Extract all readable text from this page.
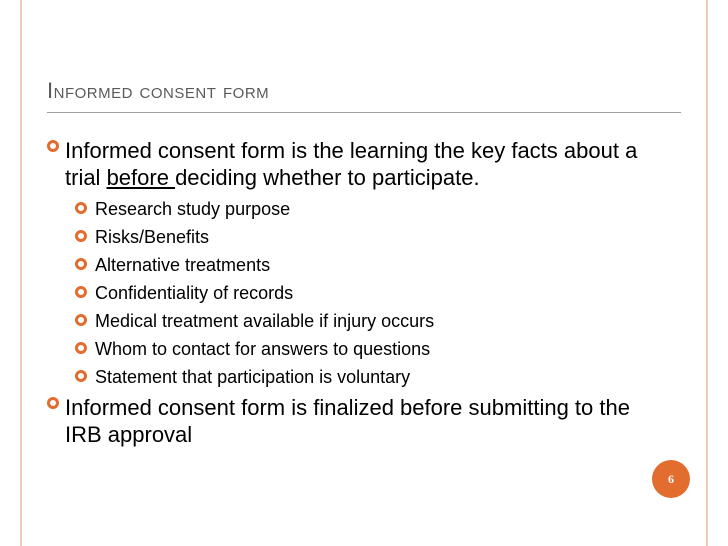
Informed consent form
Informed consent form is the learning the key facts about a trial before deciding whether to participate.
Research study purpose
Risks/Benefits
Alternative treatments
Confidentiality of records
Medical treatment available if injury occurs
Whom to contact for answers to questions
Statement that participation is voluntary
Informed consent form is finalized before submitting to the IRB approval
6
